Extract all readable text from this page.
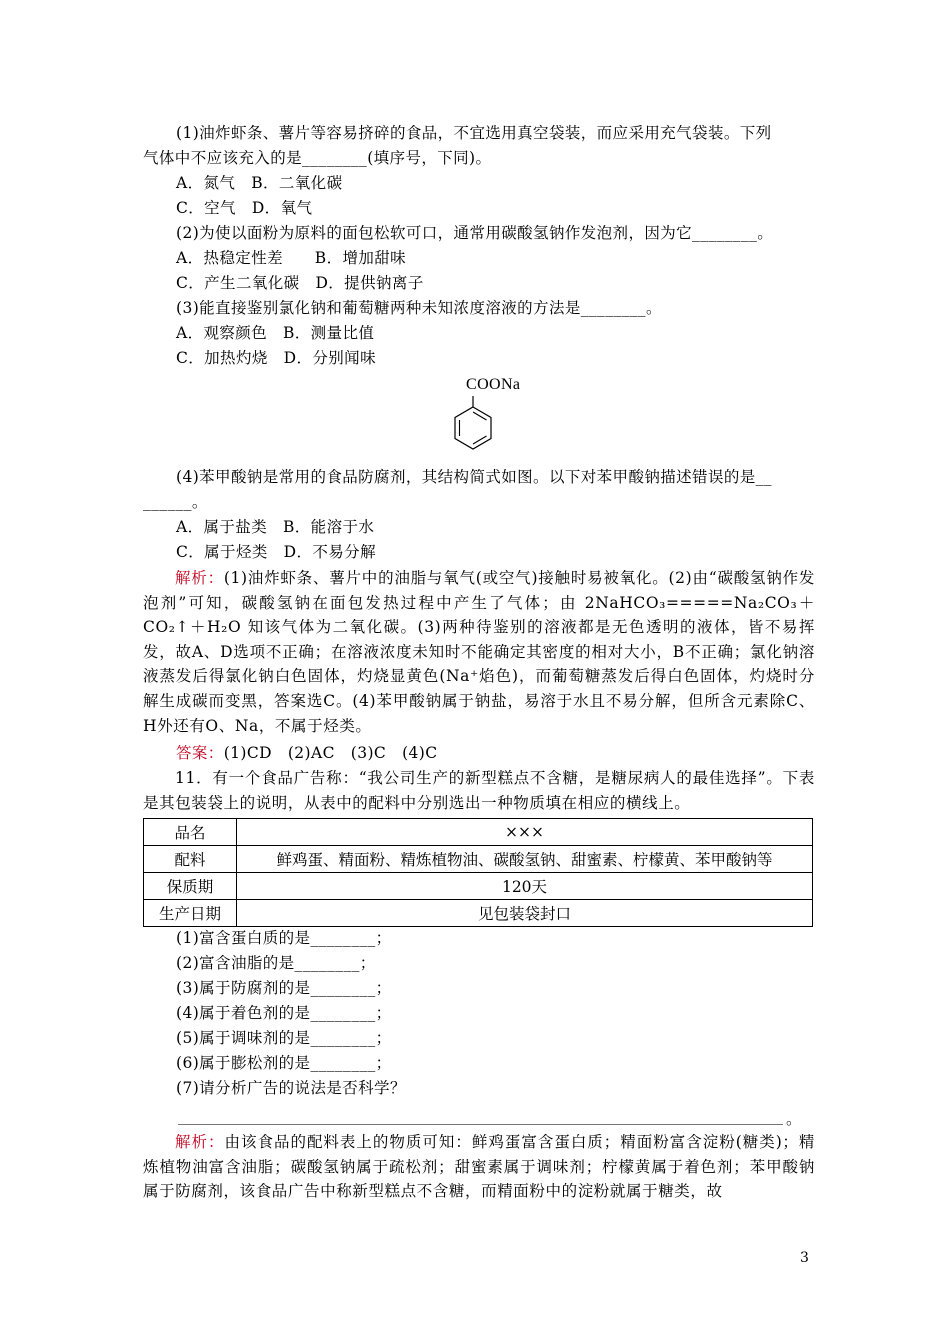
(1)油炸虾条、薯片等容易挤碎的食品，不宜选用真空袋装，而应采用充气袋装。下列
气体中不应该充入的是________(填序号，下同)。
A．氮气　B．二氧化碳
C．空气　D．氧气
(2)为使以面粉为原料的面包松软可口，通常用碳酸氢钠作发泡剂，因为它________。
A．热稳定性差　　B．增加甜味
C．产生二氧化碳　D．提供钠离子
(3)能直接鉴别氯化钠和葡萄糖两种未知浓度溶液的方法是________。
A．观察颜色　B．测量比值
C．加热灼烧　D．分别闻味
COONa
(4)苯甲酸钠是常用的食品防腐剂，其结构简式如图。以下对苯甲酸钠描述错误的是__
______。
A．属于盐类　B．能溶于水
C．属于烃类　D．不易分解
解析：(1)油炸虾条、薯片中的油脂与氧气(或空气)接触时易被氧化。(2)由“碳酸氢钠作发泡剂”可知，碳酸氢钠在面包发热过程中产生了气体；由 2NaHCO₃=====Na₂CO₃＋CO₂↑＋H₂O 知该气体为二氧化碳。(3)两种待鉴别的溶液都是无色透明的液体，皆不易挥发，故A、D选项不正确；在溶液浓度未知时不能确定其密度的相对大小，B不正确；氯化钠溶液蒸发后得氯化钠白色固体，灼烧显黄色(Na⁺焰色)，而葡萄糖蒸发后得白色固体，灼烧时分解生成碳而变黑，答案选C。(4)苯甲酸钠属于钠盐，易溶于水且不易分解，但所含元素除C、H外还有O、Na，不属于烃类。
答案：(1)CD　(2)AC　(3)C　(4)C
11．有一个食品广告称：“我公司生产的新型糕点不含糖，是糖尿病人的最佳选择”。下表是其包装袋上的说明，从表中的配料中分别选出一种物质填在相应的横线上。
品名	×××
配料	鲜鸡蛋、精面粉、精炼植物油、碳酸氢钠、甜蜜素、柠檬黄、苯甲酸钠等
保质期	120天
生产日期	见包装袋封口
(1)富含蛋白质的是________；
(2)富含油脂的是________；
(3)属于防腐剂的是________；
(4)属于着色剂的是________；
(5)属于调味剂的是________；
(6)属于膨松剂的是________；
(7)请分析广告的说法是否科学？
。
解析：由该食品的配料表上的物质可知：鲜鸡蛋富含蛋白质；精面粉富含淀粉(糖类)；精炼植物油富含油脂；碳酸氢钠属于疏松剂；甜蜜素属于调味剂；柠檬黄属于着色剂；苯甲酸钠属于防腐剂，该食品广告中称新型糕点不含糖，而精面粉中的淀粉就属于糖类，故
3
